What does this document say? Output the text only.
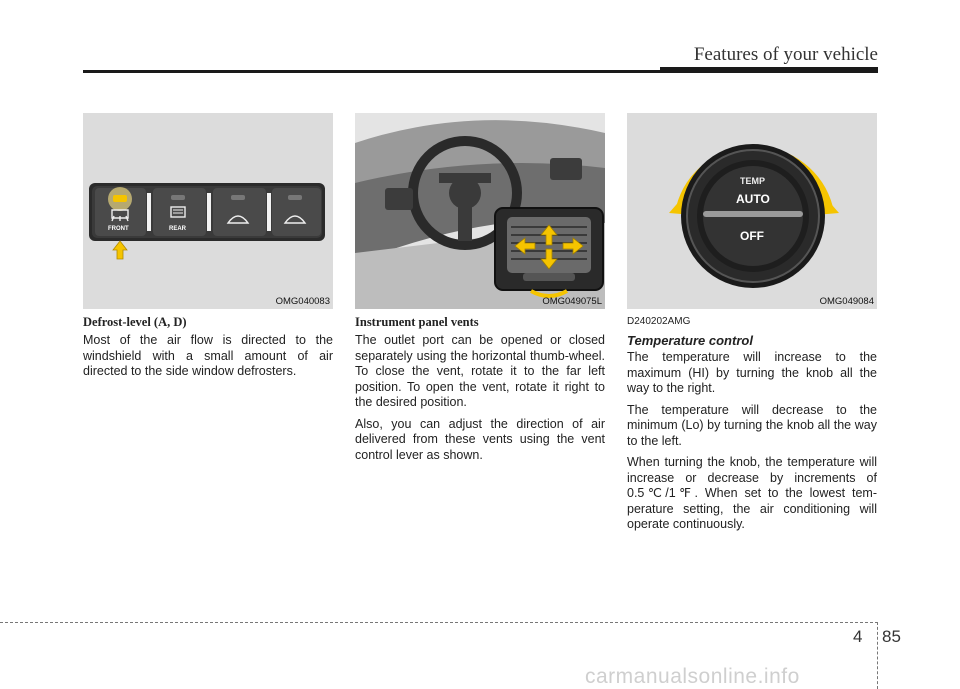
Features of your vehicle
FRONT	REAR
OMG040083
Defrost-level (A, D)

Most of the air flow is directed to the windshield with a small amount of air directed to the side window defrosters.

OMG049075L
Instrument panel vents

The outlet port can be opened or closed separately using the horizontal thumb-wheel. To close the vent, rotate it to the far left position. To open the vent, rotate it right to the desired position.

Also, you can adjust the direction of air delivered from these vents using the vent control lever as shown.

TEMP
AUTO
OFF
OMG049084
D240202AMG
Temperature control

The temperature will increase to the maximum (HI) by turning the knob all the way to the right.

The temperature will decrease to the minimum (Lo) by turning the knob all the way to the left.

When turning the knob, the temperature will increase or decrease by increments of 0.5℃/1℉. When set to the lowest tem-perature setting, the air conditioning will operate continuously.

4 85
carmanualsonline.info
